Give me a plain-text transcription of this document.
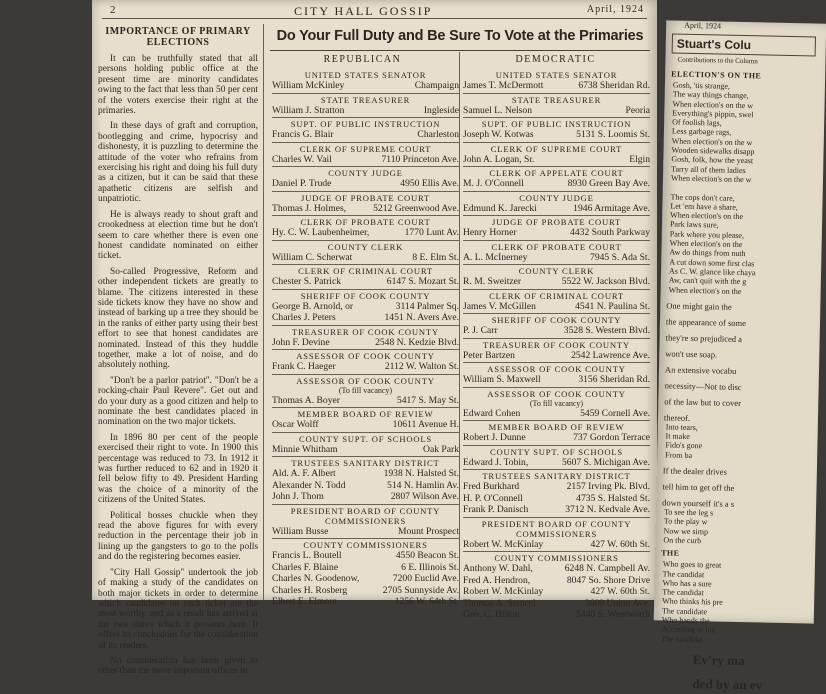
2	CITY HALL GOSSIP	April, 1924
IMPORTANCE OF PRIMARY
ELECTIONS

It can be truthfully stated that all persons holding public office at the present time are minority candidates owing to the fact that less than 50 per cent of the voters exercise their right at the primaries.

In these days of graft and corruption, bootlegging and crime, hypocrisy and dishonesty, it is puzzling to determine the attitude of the voter who refrains from exercising his right and doing his full duty as a citizen, but it can be said that these apathetic citizens are selfish and unpatriotic.

He is always ready to shout graft and crookedness at election time but he don't seem to care whether there is even one honest candidate nominated on either ticket.

So-called Progressive, Reform and other independent tickets are greatly to blame. The citizens interested in these side tickets know they have no show and instead of barking up a tree they should be in the ranks of either party using their best effort to see that honest candidates are nominated. Instead of this they huddle together, make a lot of noise, and do absolutely nothing.

"Don't be a parlor patriot". "Don't be a rocking-chair Paul Revere". Get out and do your duty as a good citizen and help to nominate the best candidates placed in nomination on the two major tickets.

In 1896 80 per cent of the people exercised their right to vote. In 1900 this percentage was reduced to 73. In 1912 it was further reduced to 62 and in 1920 it fell below fifty to 49. President Harding was the choice of a minority of the citizens of the United States.

Political bosses chuckle when they read the above figures for with every reduction in the percentage their job in lining up the gangsters to go to the polls and do the registering becomes easier.

"City Hall Gossip" undertook the job of making a study of the candidates on both major tickets in order to determine which candidates on each ticket are the most worthy, and as a result has arrived at the two slates which it presents here. It offers its conclusions for the consideration of its readers.

No consideration has been given to other than the more important offices in

Do Your Full Duty and Be Sure To Vote at the Primaries
REPUBLICAN	DEMOCRATIC
UNITED STATES SENATOR
William McKinley	Champaign
STATE TREASURER
William J. Stratton	Ingleside
SUPT. OF PUBLIC INSTRUCTION
Francis G. Blair	Charleston
CLERK OF SUPREME COURT
Charles W. Vail	7110 Princeton Ave.
COUNTY JUDGE
Daniel P. Trude	4950 Ellis Ave.
JUDGE OF PROBATE COURT
Thomas J. Holmes,	5212 Greenwood Ave.
CLERK OF PROBATE COURT
Hy. C. W. Laubenheimer,	1770 Lunt Av.
COUNTY CLERK
William C. Scherwat	8 E. Elm St.
CLERK OF CRIMINAL COURT
Chester S. Patrick	6147 S. Mozart St.
SHERIFF OF COOK COUNTY
George B. Arnold, or	3114 Palmer Sq.
Charles J. Peters	1451 N. Avers Ave.
TREASURER OF COOK COUNTY
John F. Devine	2548 N. Kedzie Blvd.
ASSESSOR OF COOK COUNTY
Frank C. Haeger	2112 W. Walton St.
ASSESSOR OF COOK COUNTY
(To fill vacancy)
Thomas A. Boyer	5417 S. May St.
MEMBER BOARD OF REVIEW
Oscar Wolff	10611 Avenue H.
COUNTY SUPT. OF SCHOOLS
Minnie Whitham	Oak Park
TRUSTEES SANITARY DISTRICT
Ald. A. F. Albert	1938 N. Halsted St.
Alexander N. Todd	514 N. Hamlin Av.
John J. Thom	2807 Wilson Ave.
PRESIDENT BOARD OF COUNTY COMMISSIONERS
William Busse	Mount Prospect
COUNTY COMMISSIONERS
Francis L. Boutell	4550 Beacon St.
Charles F. Blaine	6 E. Illinois St.
Charles N. Goodenow,	7200 Euclid Ave.
Charles H. Rosberg	2705 Sunnyside Av.
Elbert E. Elmore	1256 W. 64th St.
UNITED STATES SENATOR
James T. McDermott	6738 Sheridan Rd.
STATE TREASURER
Samuel L. Nelson	Peoria
SUPT. OF PUBLIC INSTRUCTION
Joseph W. Kotwas	5131 S. Loomis St.
CLERK OF SUPREME COURT
John A. Logan, Sr.	Elgin
CLERK OF APPELATE COURT
M. J. O'Connell	8930 Green Bay Ave.
COUNTY JUDGE
Edmund K. Jarecki	1946 Armitage Ave.
JUDGE OF PROBATE COURT
Henry Horner	4432 South Parkway
CLERK OF PROBATE COURT
A. L. McInerney	7945 S. Ada St.
COUNTY CLERK
R. M. Sweitzer	5522 W. Jackson Blvd.
CLERK OF CRIMINAL COURT
James V. McGillen	4541 N. Paulina St.
SHERIFF OF COOK COUNTY
P. J. Carr	3528 S. Western Blvd.
TREASURER OF COOK COUNTY
Peter Bartzen	2542 Lawrence Ave.
ASSESSOR OF COOK COUNTY
William S. Maxwell	3156 Sheridan Rd.
ASSESSOR OF COOK COUNTY
(To fill vacancy)
Edward Cohen	5459 Cornell Ave.
MEMBER BOARD OF REVIEW
Robert J. Dunne	737 Gordon Terrace
COUNTY SUPT. OF SCHOOLS
Edward J. Tobin,	5607 S. Michigan Ave.
TRUSTEES SANITARY DISTRICT
Fred Burkhard	2157 Irving Pk. Blvd.
H. P. O'Connell	4735 S. Halsted St.
Frank P. Danisch	3712 N. Kedvale Ave.
PRESIDENT BOARD OF COUNTY COMMISSIONERS
Robert W. McKinlay	427 W. 60th St.
COUNTY COMMISSIONERS
Anthony W. Dahl,	6248 N. Campbell Av.
Fred A. Hendron,	8047 So. Shore Drive
Robert W. McKinlay	427 W. 60th St.
Thomas A. Stencel	3609 Union Ave.
Geo. C. Hilton	5440 S. Wentworth
April, 1924
Stuart's Colu
Contributions to the Column
ELECTION'S ON THE
Gosh, 'tis strange,
The way things change,
When election's on the w
Everything's pippin, swel
Of foolish lags,
Less garbage rags,
When election's on the w
Wooden sidewalks disapp
Gosh, folk, how the yeast
Tarry all of them ladies
When election's on the w

The cops don't care,
Let 'em have a share,
When election's on the
Park laws sure,
Park where you please,
When election's on the
Aw do things from nuth
A cut down some first clas
As C. W. glance like chaya
Aw, can't quit with the g
When election's on the
One might gain the
the appearance of some
they're so prejudiced a
won't use soap.
An extensive vocabu
necessity—Not to disc
of the law but to cover
thereof.
Into tears,
It make
Fido's gone
From ba
If the dealer drives
tell him to get off the
down yourself it's a s
To see the leg s
To the play w
Now we simp
On the curb
THE
Who goes to great
The candidat
Who has a sure
The candidat
Who thinks his pre
The candidate
Who hands the
According to his
The candidat
Ev'ry ma
ded by an ev
